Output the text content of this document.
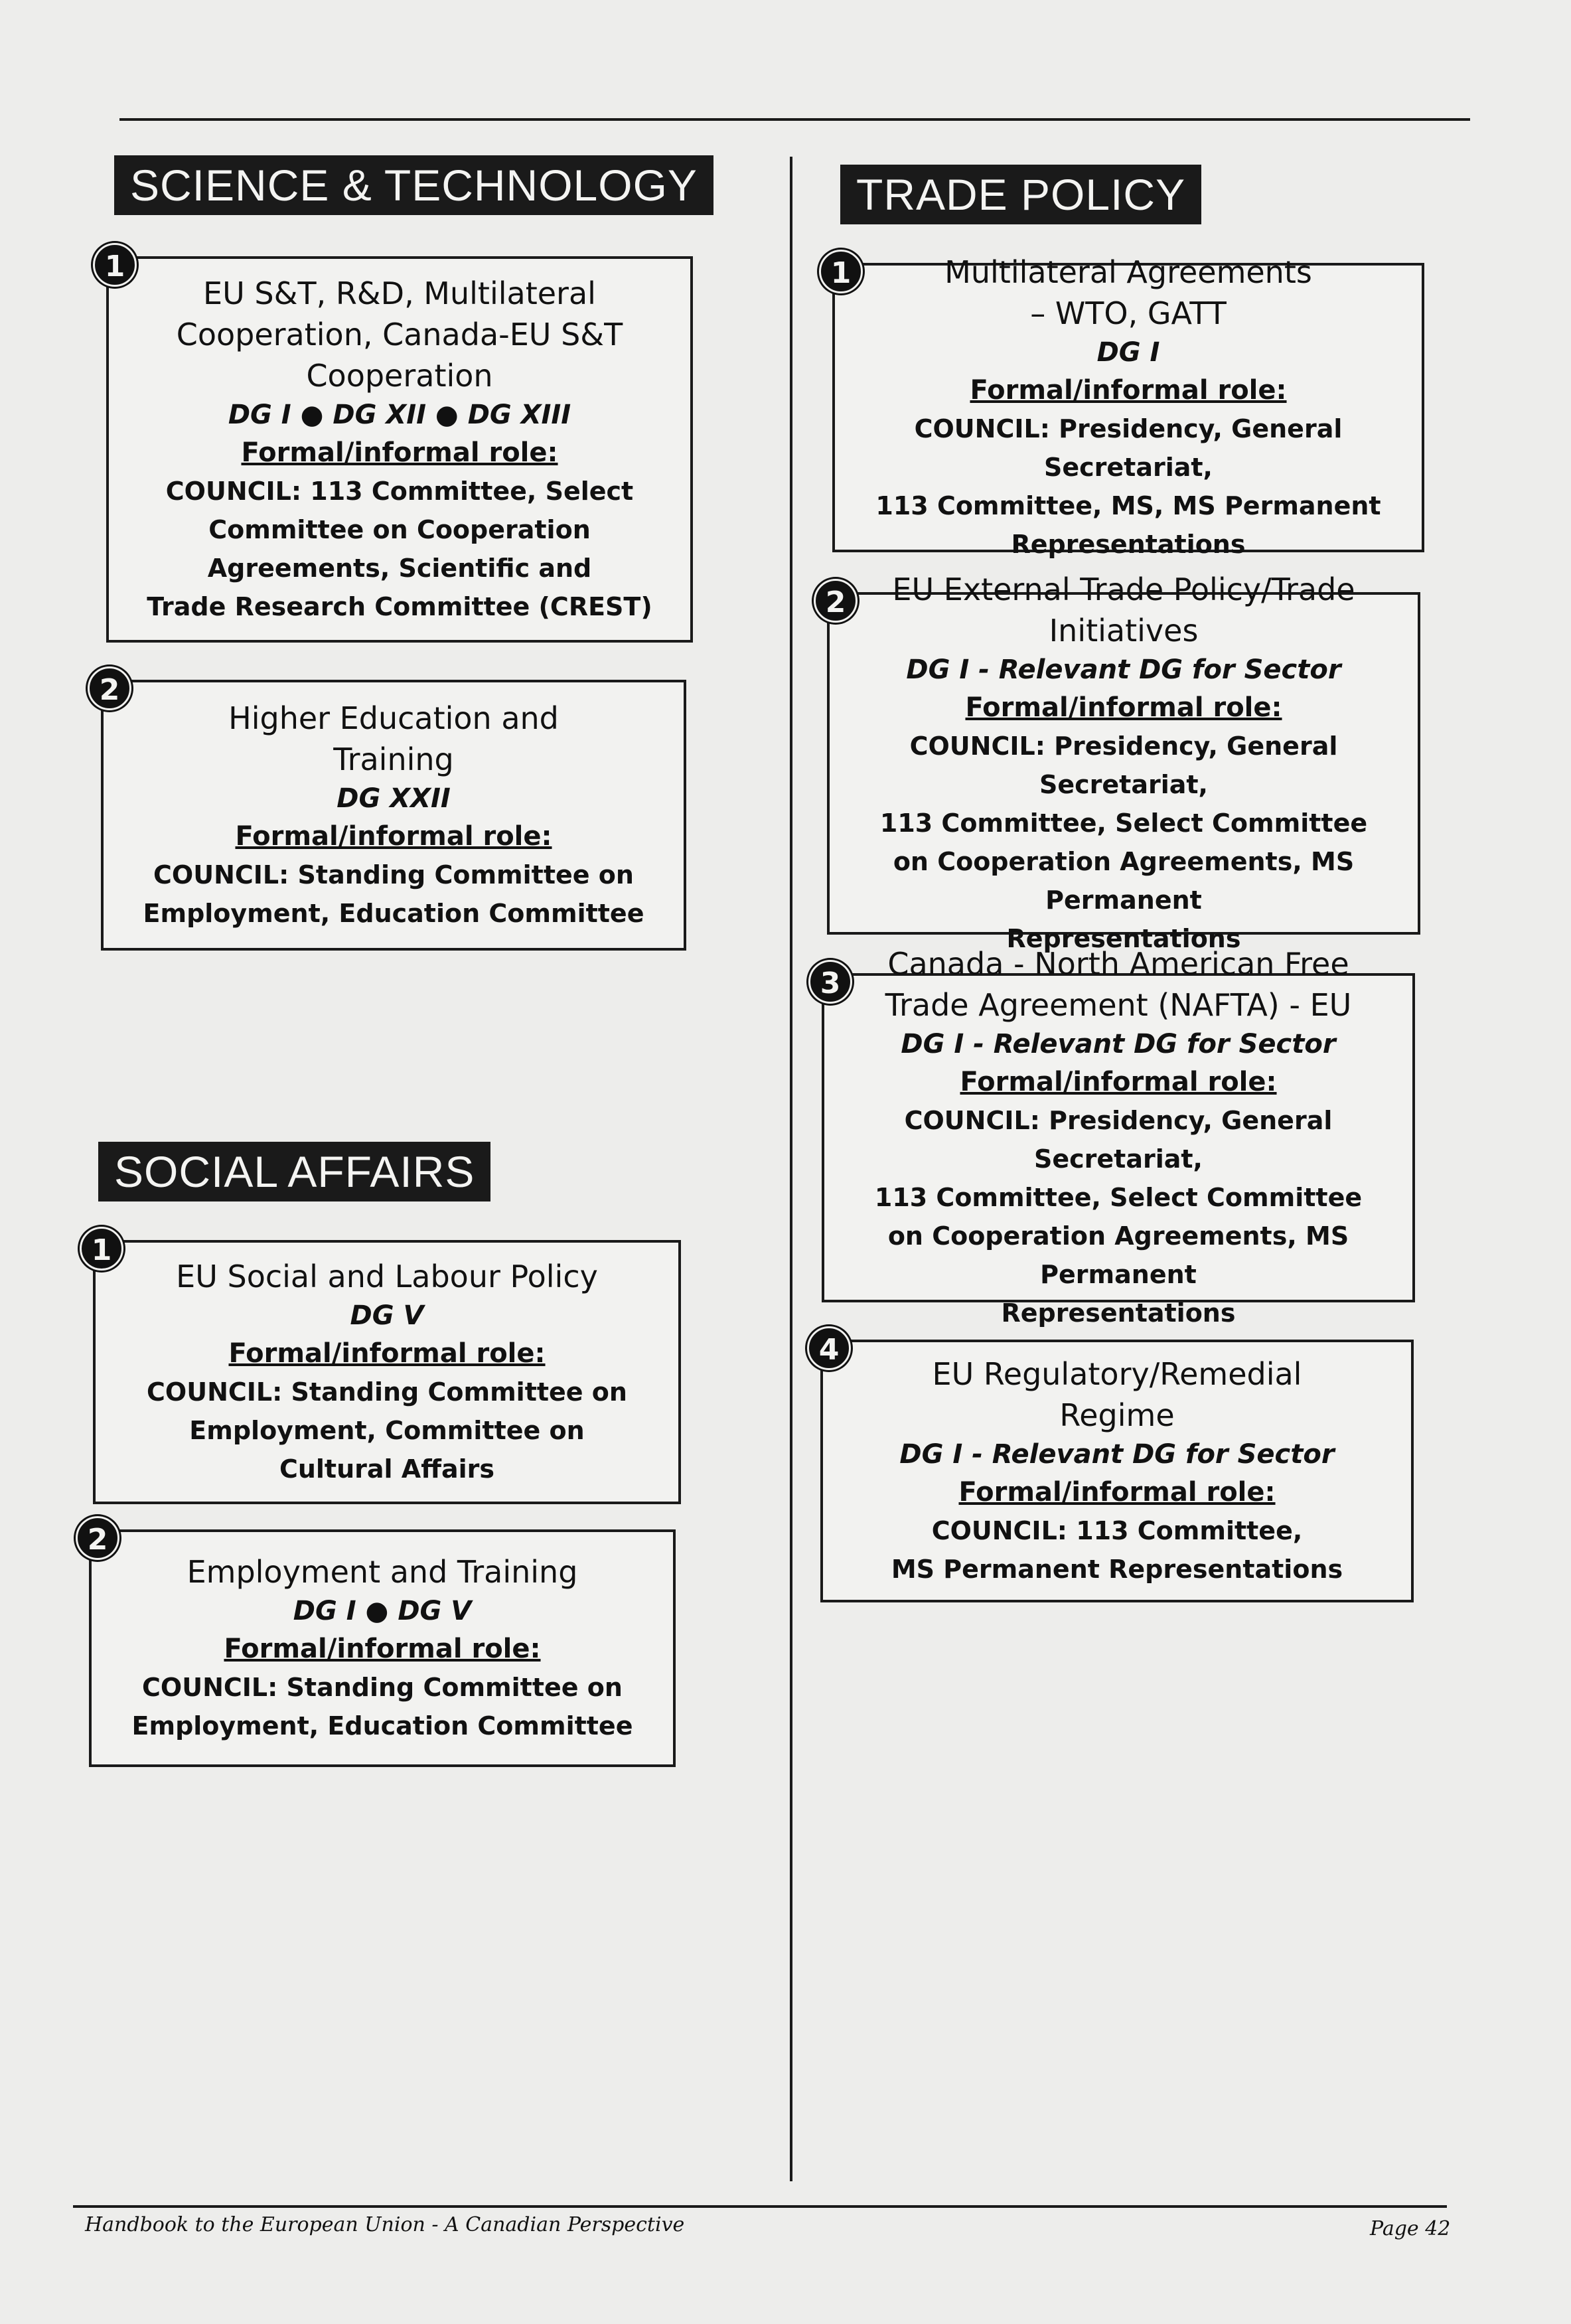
SCIENCE & TECHNOLOGY
1
EU S&T, R&D, Multilateral
Cooperation, Canada-EU S&T
Cooperation
DG I ● DG XII ● DG XIII
Formal/informal role:
COUNCIL: 113 Committee, Select
Committee on Cooperation
Agreements, Scientific and
Trade Research Committee (CREST)
2
Higher Education and
Training
DG XXII
Formal/informal role:
COUNCIL: Standing Committee on
Employment, Education Committee
SOCIAL AFFAIRS
1
EU Social and Labour Policy
DG V
Formal/informal role:
COUNCIL: Standing Committee on
Employment, Committee on
Cultural Affairs
2
Employment and Training
DG I ● DG V
Formal/informal role:
COUNCIL: Standing Committee on
Employment, Education Committee
TRADE POLICY
1	Multilateral Agreements
– WTO, GATT
DG I
Formal/informal role:
COUNCIL: Presidency, General Secretariat,
113 Committee, MS, MS Permanent
Representations
2	EU External Trade Policy/Trade
Initiatives
DG I - Relevant DG for Sector
Formal/informal role:
COUNCIL: Presidency, General Secretariat,
113 Committee, Select Committee
on Cooperation Agreements, MS Permanent
Representations
3
Canada - North American Free
Trade Agreement (NAFTA) - EU
DG I - Relevant DG for Sector
Formal/informal role:
COUNCIL: Presidency, General Secretariat,
113 Committee, Select Committee
on Cooperation Agreements, MS Permanent
Representations
4
EU Regulatory/Remedial
Regime
DG I - Relevant DG for Sector
Formal/informal role:
COUNCIL: 113 Committee,
MS Permanent Representations
Handbook to the European Union - A Canadian Perspective	Page 42
